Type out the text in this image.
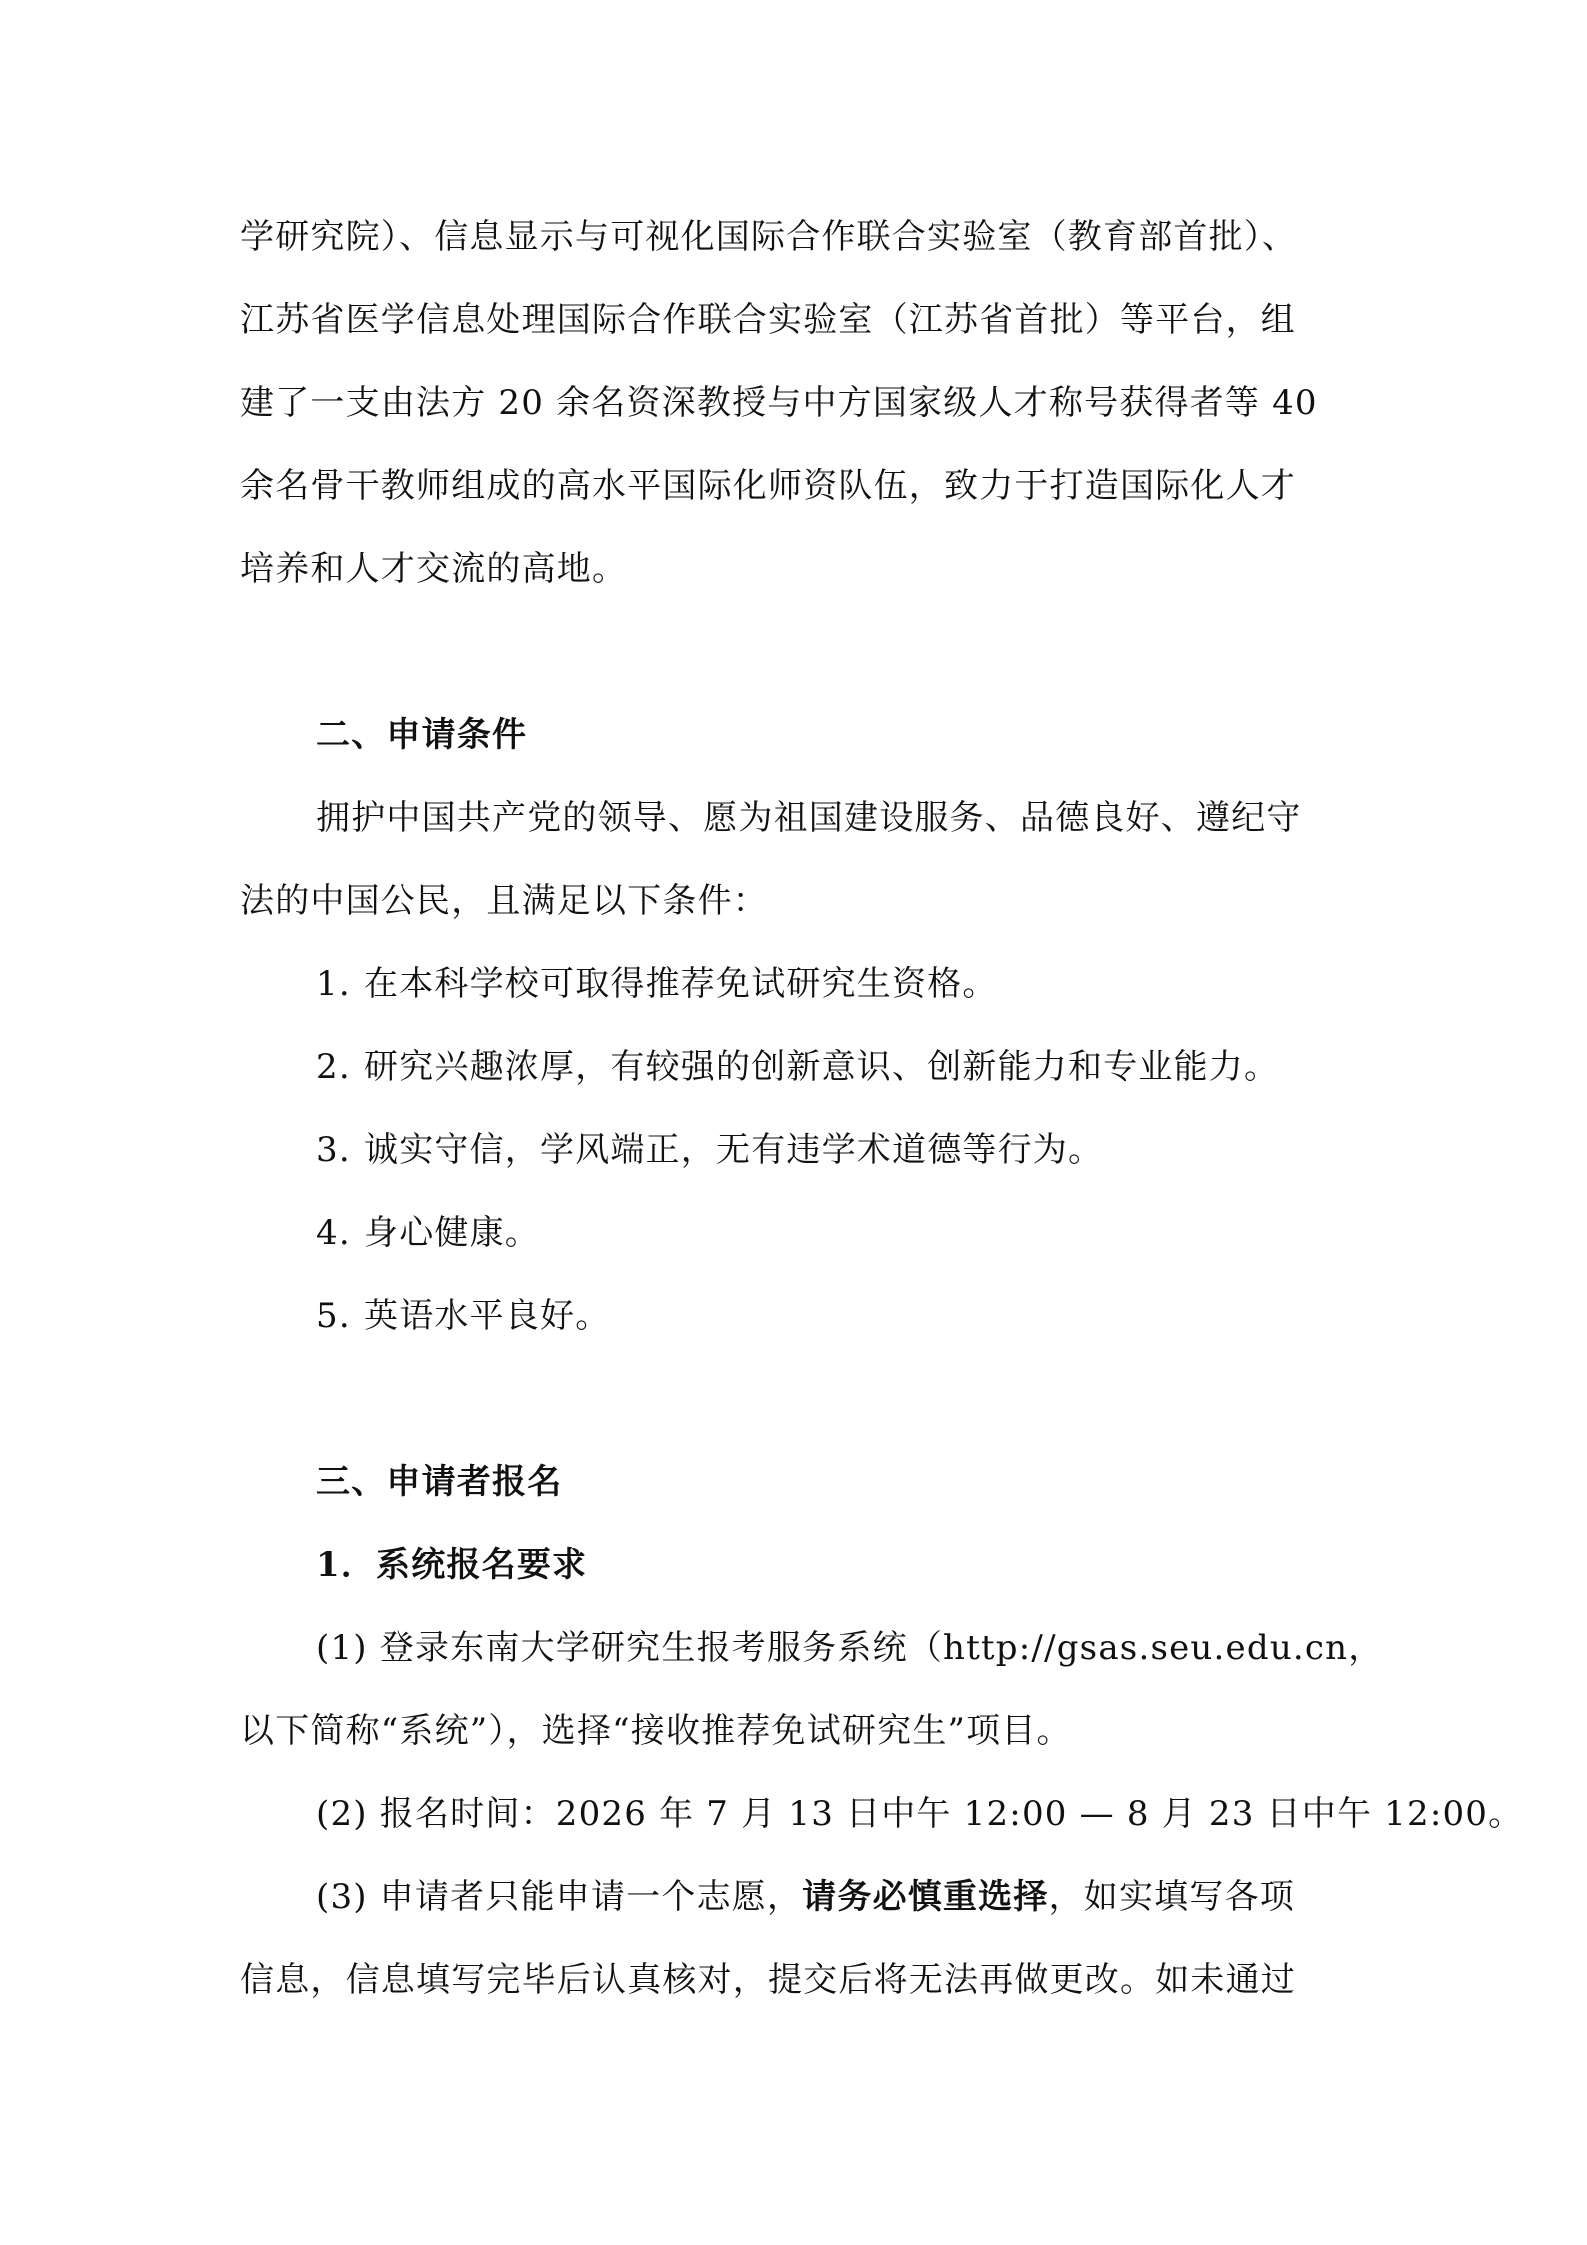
学研究院）、信息显示与可视化国际合作联合实验室（教育部首批）、
江苏省医学信息处理国际合作联合实验室（江苏省首批）等平台，组
建了一支由法方 20 余名资深教授与中方国家级人才称号获得者等 40
余名骨干教师组成的高水平国际化师资队伍，致力于打造国际化人才
培养和人才交流的高地。
二、申请条件
拥护中国共产党的领导、愿为祖国建设服务、品德良好、遵纪守
法的中国公民，且满足以下条件：
1. 在本科学校可取得推荐免试研究生资格。
2. 研究兴趣浓厚，有较强的创新意识、创新能力和专业能力。
3. 诚实守信，学风端正，无有违学术道德等行为。
4. 身心健康。
5. 英语水平良好。
三、申请者报名
1．系统报名要求
(1) 登录东南大学研究生报考服务系统（http://gsas.seu.edu.cn，
以下简称“系统”），选择“接收推荐免试研究生”项目。
(2) 报名时间：2026 年 7 月 13 日中午 12:00 — 8 月 23 日中午 12:00。
(3) 申请者只能申请一个志愿，请务必慎重选择，如实填写各项
信息，信息填写完毕后认真核对，提交后将无法再做更改。如未通过
